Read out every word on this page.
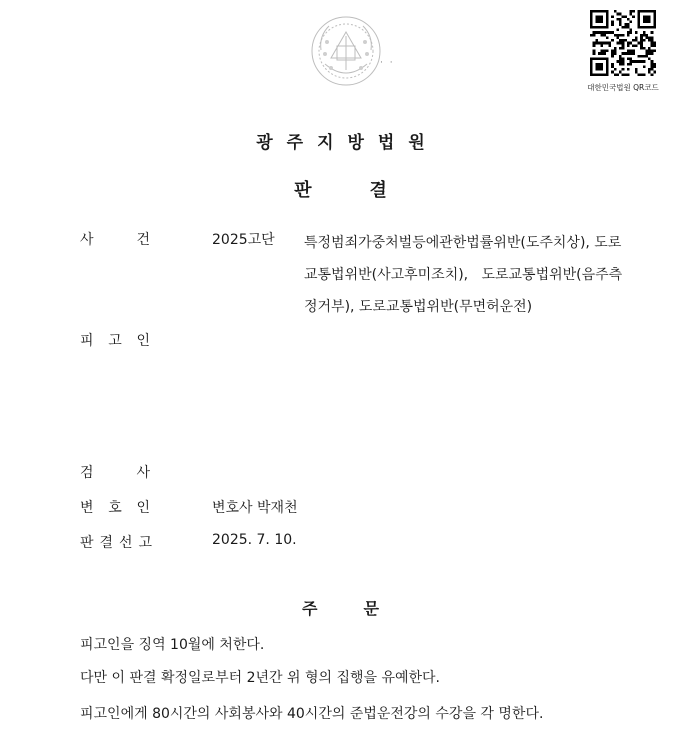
· ·
대한민국법원 QR코드
광주지방법원
판결
사	건	2025고단 특정범죄가중처벌등에관한법률위반(도주치상), 도로
교통법위반(사고후미조치),   도로교통법위반(음주측
정거부), 도로교통법위반(무면허운전)
피 고 인
검	사
변 호 인	변호사 박재천
판 결 선 고	2025. 7. 10.
주문
피고인을 징역 10월에 처한다.
다만 이 판결 확정일로부터 2년간 위 형의 집행을 유예한다.
피고인에게 80시간의 사회봉사와 40시간의 준법운전강의 수강을 각 명한다.
